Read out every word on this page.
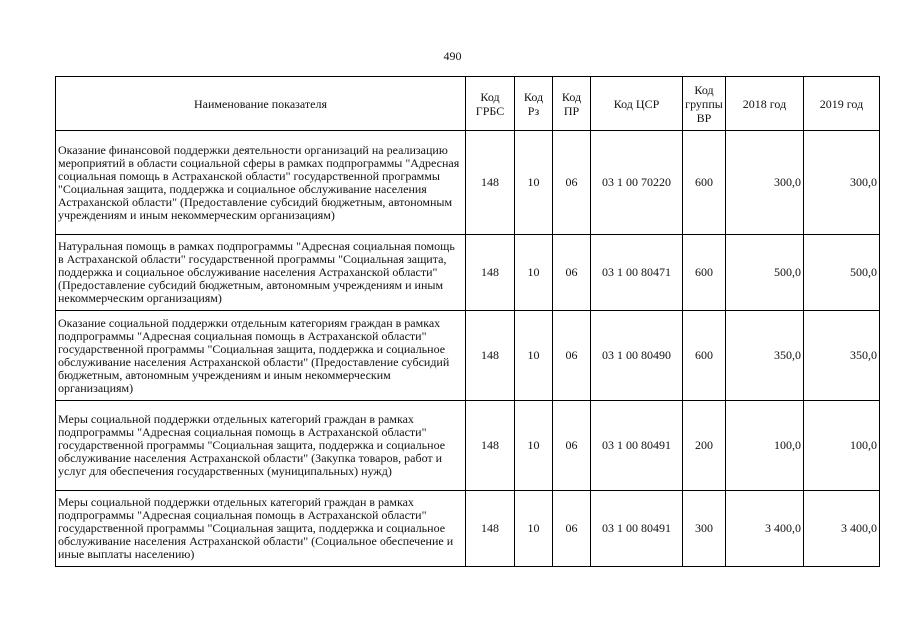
490
Наименование показателя	Код ГРБС	Код Рз	Код ПР	Код ЦСР	Код группы ВР	2018 год	2019 год

Оказание финансовой поддержки деятельности организаций на реализацию мероприятий в области социальной сферы в рамках подпрограммы "Адресная социальная помощь в Астраханской области" государственной программы "Социальная защита, поддержка и социальное обслуживание населения Астраханской области" (Предоставление субсидий бюджетным, автономным учреждениям и иным некоммерческим организациям)	148	10	06	03 1 00 70220	600	300,0	300,0
Натуральная помощь в рамках подпрограммы "Адресная социальная помощь в Астраханской области" государственной программы "Социальная защита, поддержка и социальное обслуживание населения Астраханской области" (Предоставление субсидий бюджетным, автономным учреждениям и иным некоммерческим организациям)	148	10	06	03 1 00 80471	600	500,0	500,0
Оказание социальной поддержки отдельным категориям граждан в рамках подпрограммы "Адресная социальная помощь в Астраханской области" государственной программы "Социальная защита, поддержка и социальное обслуживание населения Астраханской области" (Предоставление субсидий бюджетным, автономным учреждениям и иным некоммерческим организациям)	148	10	06	03 1 00 80490	600	350,0	350,0
Меры социальной поддержки отдельных категорий граждан в рамках подпрограммы "Адресная социальная помощь в Астраханской области" государственной программы "Социальная защита, поддержка и социальное обслуживание населения Астраханской области" (Закупка товаров, работ и услуг для обеспечения государственных (муниципальных) нужд)	148	10	06	03 1 00 80491	200	100,0	100,0
Меры социальной поддержки отдельных категорий граждан в рамках подпрограммы "Адресная социальная помощь в Астраханской области" государственной программы "Социальная защита, поддержка и социальное обслуживание населения Астраханской области" (Социальное обеспечение и иные выплаты населению)	148	10	06	03 1 00 80491	300	3 400,0	3 400,0
